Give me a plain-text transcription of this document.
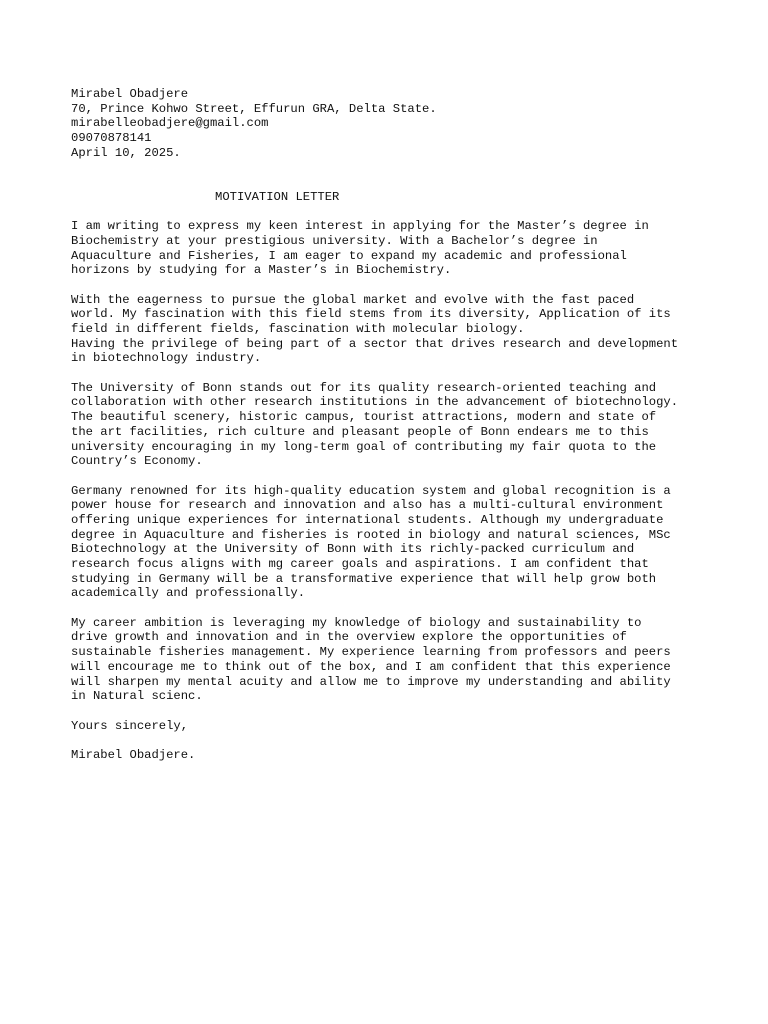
Mirabel Obadjere
70, Prince Kohwo Street, Effurun GRA, Delta State.
mirabelleobadjere@gmail.com
09070878141
April 10, 2025.
MOTIVATION LETTER
I am writing to express my keen interest in applying for the Master’s degree in
Biochemistry at your prestigious university. With a Bachelor’s degree in
Aquaculture and Fisheries, I am eager to expand my academic and professional
horizons by studying for a Master’s in Biochemistry.
With the eagerness to pursue the global market and evolve with the fast paced
world. My fascination with this field stems from its diversity, Application of its
field in different fields, fascination with molecular biology.
Having the privilege of being part of a sector that drives research and development
in biotechnology industry.
The University of Bonn stands out for its quality research-oriented teaching and
collaboration with other research institutions in the advancement of biotechnology.
The beautiful scenery, historic campus, tourist attractions, modern and state of
the art facilities, rich culture and pleasant people of Bonn endears me to this
university encouraging in my long-term goal of contributing my fair quota to the
Country’s Economy.
Germany renowned for its high-quality education system and global recognition is a
power house for research and innovation and also has a multi-cultural environment
offering unique experiences for international students. Although my undergraduate
degree in Aquaculture and fisheries is rooted in biology and natural sciences, MSc
Biotechnology at the University of Bonn with its richly-packed curriculum and
research focus aligns with mg career goals and aspirations. I am confident that
studying in Germany will be a transformative experience that will help grow both
academically and professionally.
My career ambition is leveraging my knowledge of biology and sustainability to
drive growth and innovation and in the overview explore the opportunities of
sustainable fisheries management. My experience learning from professors and peers
will encourage me to think out of the box, and I am confident that this experience
will sharpen my mental acuity and allow me to improve my understanding and ability
in Natural scienc.
Yours sincerely,
Mirabel Obadjere.
